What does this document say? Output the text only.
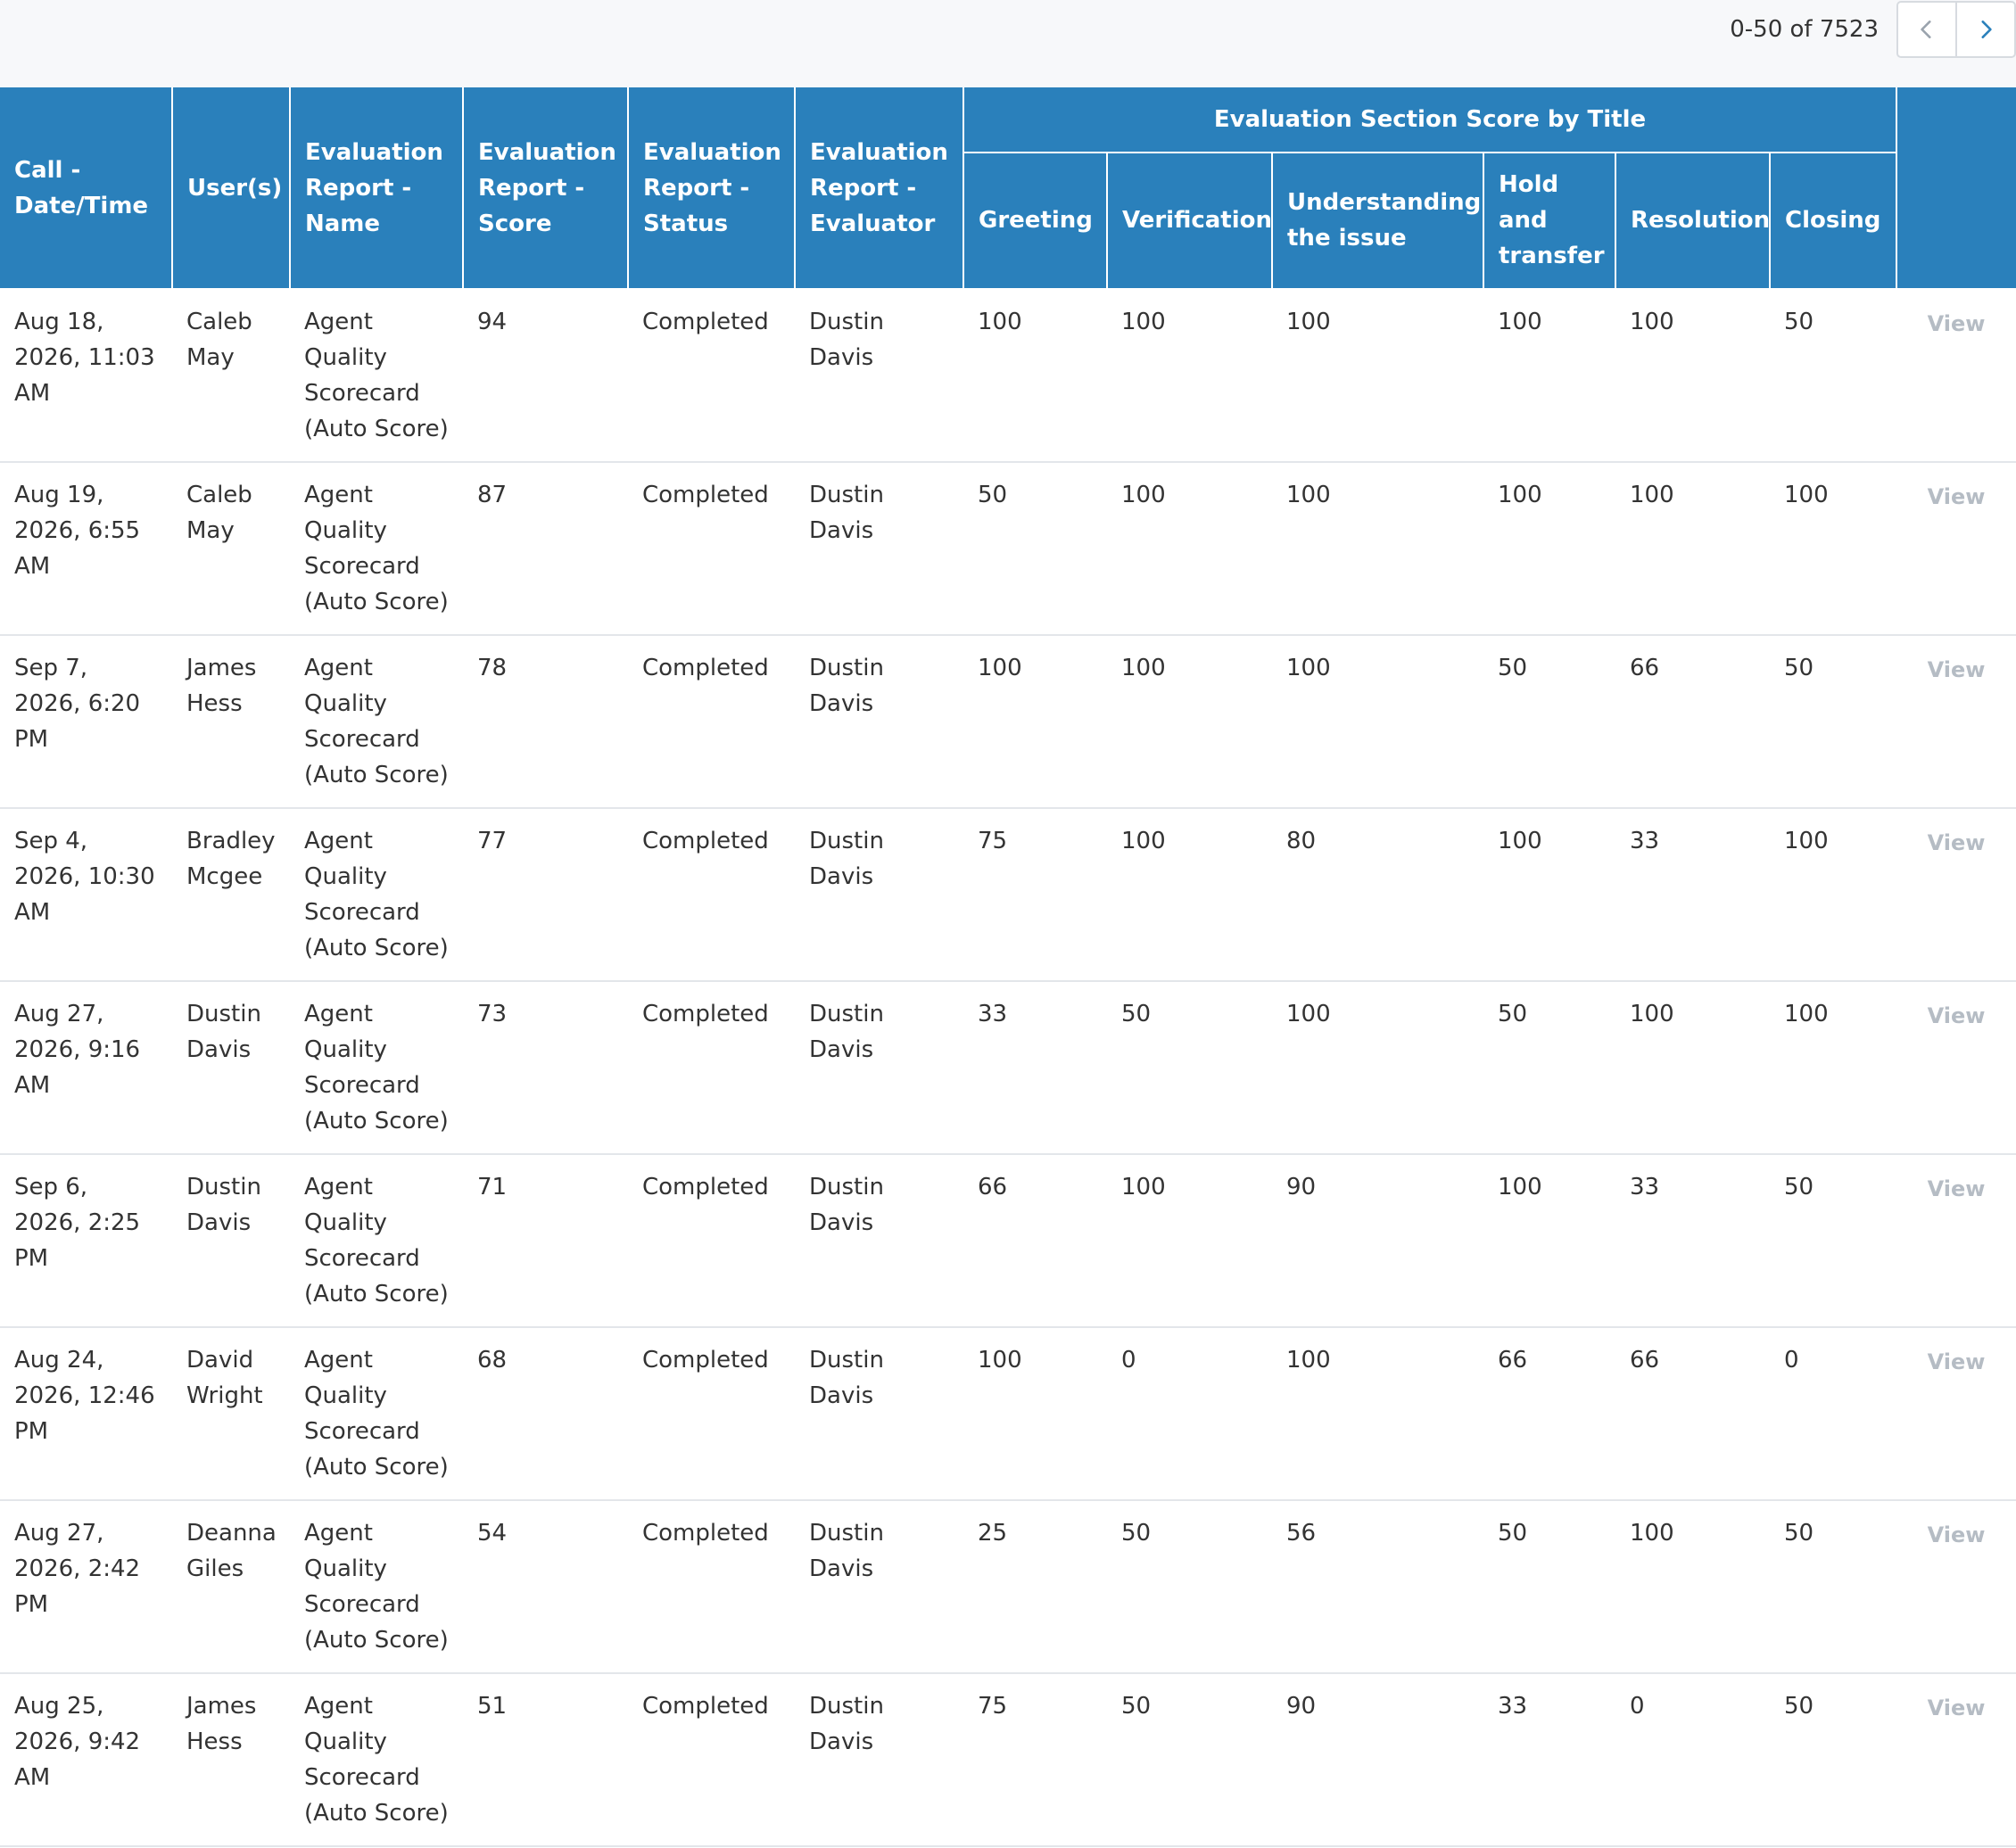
0-50 of 7523
Call - Date/Time	User(s)	Evaluation Report - Name	Evaluation Report - Score	Evaluation Report - Status	Evaluation Report - Evaluator	Evaluation Section Score by Title						
						Greeting	Verification	Understanding the issue	Hold and transfer	Resolution	Closing	
Aug 18, 2026, 11:03 AM	Caleb May	Agent Quality Scorecard (Auto Score)	94	Completed	Dustin Davis	100	100	100	100	100	50	View
Aug 19, 2026, 6:55 AM	Caleb May	Agent Quality Scorecard (Auto Score)	87	Completed	Dustin Davis	50	100	100	100	100	100	View
Sep 7, 2026, 6:20 PM	James Hess	Agent Quality Scorecard (Auto Score)	78	Completed	Dustin Davis	100	100	100	50	66	50	View
Sep 4, 2026, 10:30 AM	Bradley Mcgee	Agent Quality Scorecard (Auto Score)	77	Completed	Dustin Davis	75	100	80	100	33	100	View
Aug 27, 2026, 9:16 AM	Dustin Davis	Agent Quality Scorecard (Auto Score)	73	Completed	Dustin Davis	33	50	100	50	100	100	View
Sep 6, 2026, 2:25 PM	Dustin Davis	Agent Quality Scorecard (Auto Score)	71	Completed	Dustin Davis	66	100	90	100	33	50	View
Aug 24, 2026, 12:46 PM	David Wright	Agent Quality Scorecard (Auto Score)	68	Completed	Dustin Davis	100	0	100	66	66	0	View
Aug 27, 2026, 2:42 PM	Deanna Giles	Agent Quality Scorecard (Auto Score)	54	Completed	Dustin Davis	25	50	56	50	100	50	View
Aug 25, 2026, 9:42 AM	James Hess	Agent Quality Scorecard (Auto Score)	51	Completed	Dustin Davis	75	50	90	33	0	50	View
